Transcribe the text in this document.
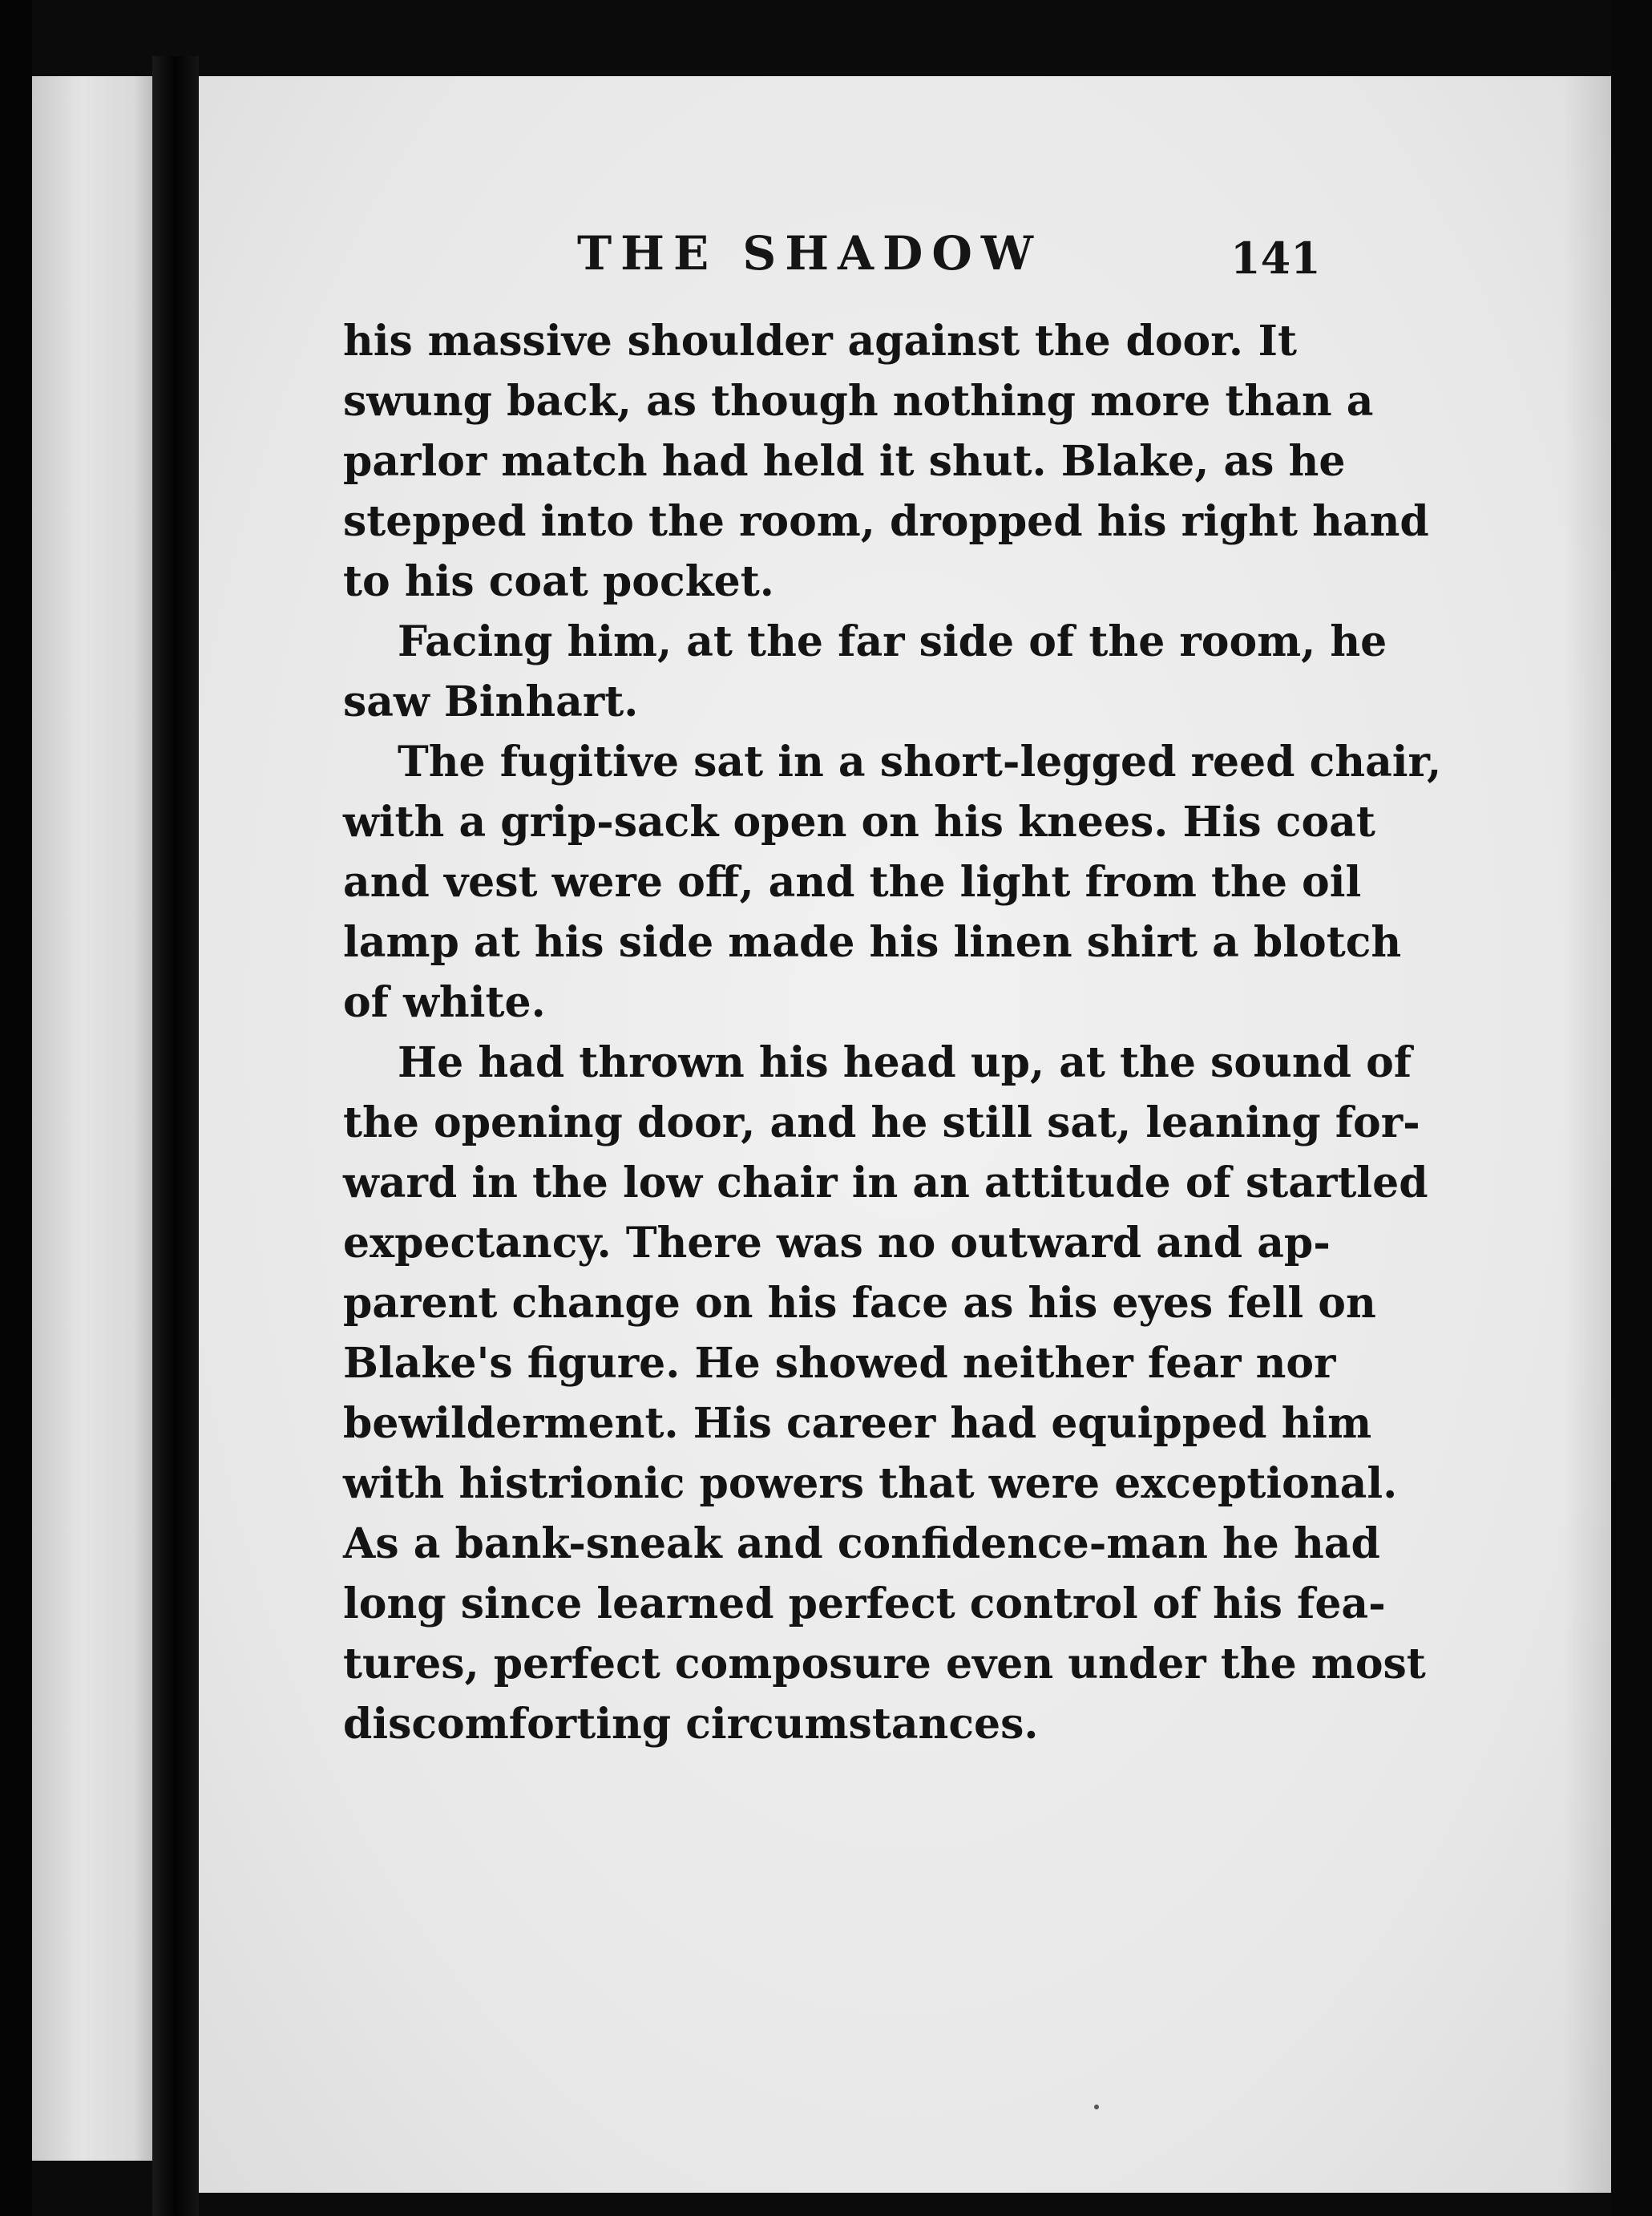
THE SHADOW	141
his massive shoulder against the door. It
swung back, as though nothing more than a
parlor match had held it shut. Blake, as he
stepped into the room, dropped his right hand
to his coat pocket.
Facing him, at the far side of the room, he
saw Binhart.
The fugitive sat in a short-legged reed chair,
with a grip-sack open on his knees. His coat
and vest were off, and the light from the oil
lamp at his side made his linen shirt a blotch
of white.
He had thrown his head up, at the sound of
the opening door, and he still sat, leaning for-
ward in the low chair in an attitude of startled
expectancy. There was no outward and ap-
parent change on his face as his eyes fell on
Blake's figure. He showed neither fear nor
bewilderment. His career had equipped him
with histrionic powers that were exceptional.
As a bank-sneak and confidence-man he had
long since learned perfect control of his fea-
tures, perfect composure even under the most
discomforting circumstances.
